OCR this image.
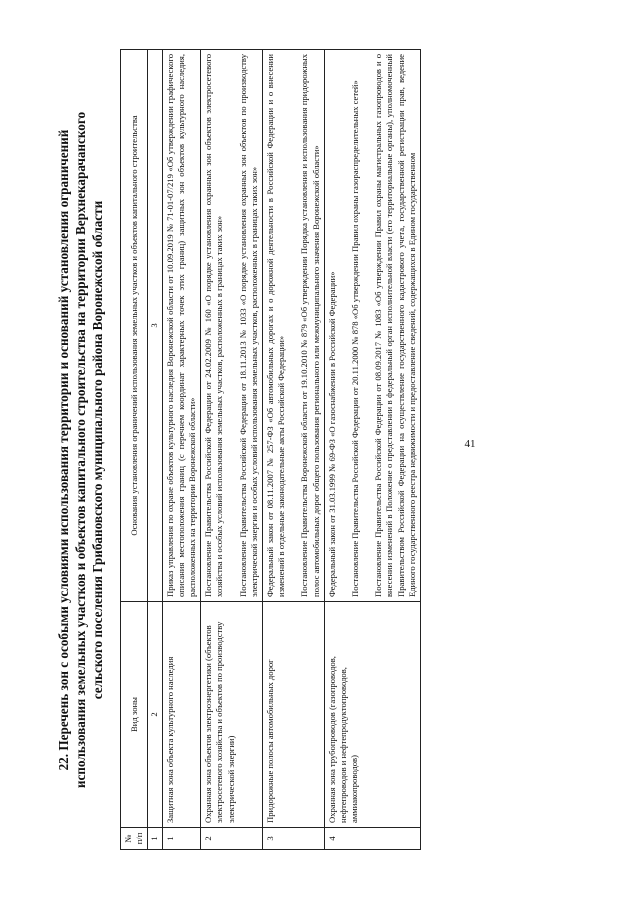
41
22. Перечень зон с особыми условиями использования территории и оснований установления ограничений использования земельных участков и объектов капитального строительства на территории Верхнекарачанского сельского поселения Грибановского муниципального района Воронежской области
№ п/п	Вид зоны	Основания установления ограничений использования земельных участков и объектов капитального строительства
1	2	3
1	Защитная зона объекта культурного наследия	Приказ управления по охране объектов культурного наследия Воронежской области от 10.09.2019 № 71-01-07/219 «Об утверждении графического описания местоположения границ (с перечнем координат характерных точек этих границ) защитных зон объектов культурного наследия, расположенных на территории Воронежской области»

2	Охранная зона объектов электроэнергетики (объектов электросетевого хозяйства и объектов по производству электрической энергии)	Постановление Правительства Российской Федерации от 24.02.2009 № 160 «О порядке установления охранных зон объектов электросетевого хозяйства и особых условий использования земельных участков, расположенных в границах таких зон» Постановление Правительства Российской Федерации от 18.11.2013 № 1033 «О порядке установления охранных зон объектов по производству электрической энергии и особых условий использования земельных участков, расположенных в границах таких зон»

3	Придорожные полосы автомобильных дорог	Федеральный закон от 08.11.2007 № 257-ФЗ «Об автомобильных дорогах и о дорожной деятельности в Российской Федерации и о внесении изменений в отдельные законодательные акты Российской Федерации» Постановление Правительства Воронежской области от 19.10.2010 № 879 «Об утверждении Порядка установления и использования придорожных полос автомобильных дорог общего пользования регионального или межмуниципального значения Воронежской области»

4	Охранная зона трубопроводов (газопроводов, нефтепроводов и нефтепродуктопроводов, аммиакопроводов)	Федеральный закон от 31.03.1999 № 69-ФЗ «О газоснабжении в Российской Федерации» Постановление Правительства Российской Федерации от 20.11.2000 № 878 «Об утверждении Правил охраны газораспределительных сетей» Постановление Правительства Российской Федерации от 08.09.2017 № 1083 «Об утверждении Правил охраны магистральных газопроводов и о внесении изменений в Положение о представлении в федеральный орган исполнительной власти (его территориальные органы), уполномоченный Правительством Российской Федерации на осуществление государственного кадастрового учета, государственной регистрации прав, ведение Единого государственного реестра недвижимости и предоставление сведений, содержащихся в Едином государственном
